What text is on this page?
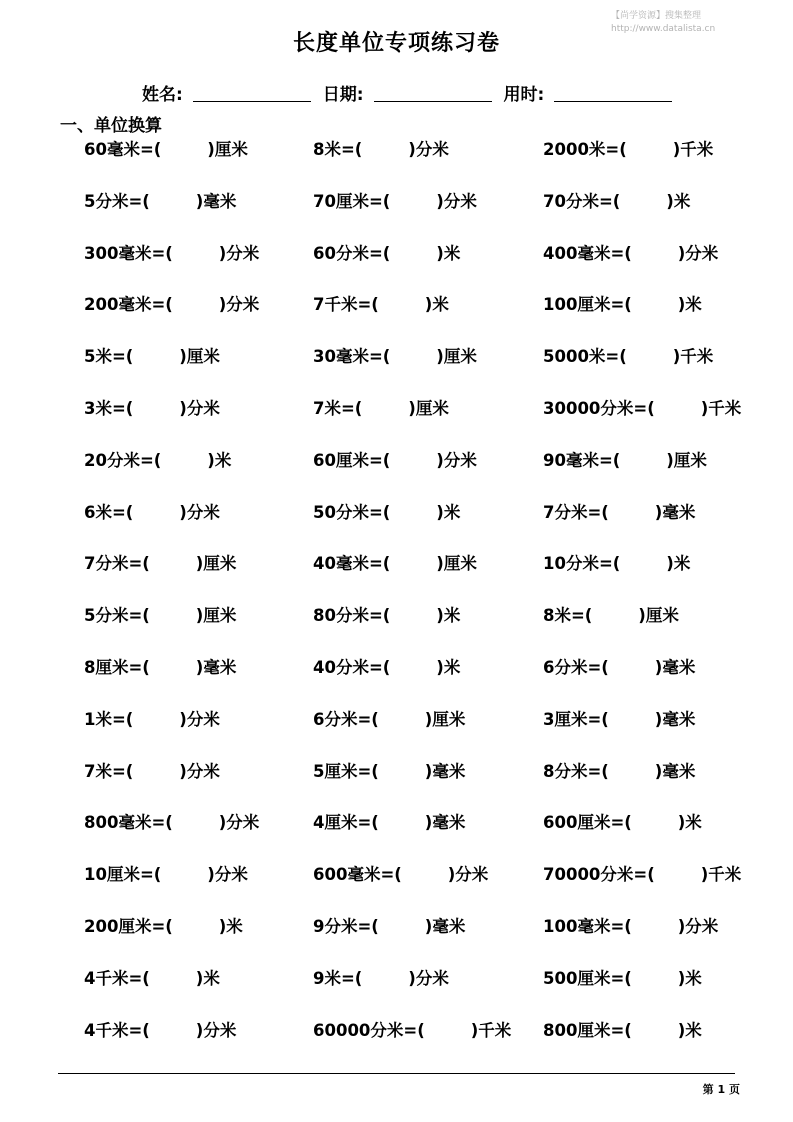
【尚学资源】搜集整理
http://www.datalista.cn
长度单位专项练习卷
姓名:	日期:	用时:
一、单位换算
60毫米=(        )厘米	8米=(        )分米	2000米=(        )千米
5分米=(        )毫米	70厘米=(        )分米	70分米=(        )米
300毫米=(        )分米	60分米=(        )米	400毫米=(        )分米
200毫米=(        )分米	7千米=(        )米	100厘米=(        )米
5米=(        )厘米	30毫米=(        )厘米	5000米=(        )千米
3米=(        )分米	7米=(        )厘米	30000分米=(        )千米
20分米=(        )米	60厘米=(        )分米	90毫米=(        )厘米
6米=(        )分米	50分米=(        )米	7分米=(        )毫米
7分米=(        )厘米	40毫米=(        )厘米	10分米=(        )米
5分米=(        )厘米	80分米=(        )米	8米=(        )厘米
8厘米=(        )毫米	40分米=(        )米	6分米=(        )毫米
1米=(        )分米	6分米=(        )厘米	3厘米=(        )毫米
7米=(        )分米	5厘米=(        )毫米	8分米=(        )毫米
800毫米=(        )分米	4厘米=(        )毫米	600厘米=(        )米
10厘米=(        )分米	600毫米=(        )分米	70000分米=(        )千米
200厘米=(        )米	9分米=(        )毫米	100毫米=(        )分米
4千米=(        )米	9米=(        )分米	500厘米=(        )米
4千米=(        )分米	60000分米=(        )千米 800厘米=(        )米
第 1 页
